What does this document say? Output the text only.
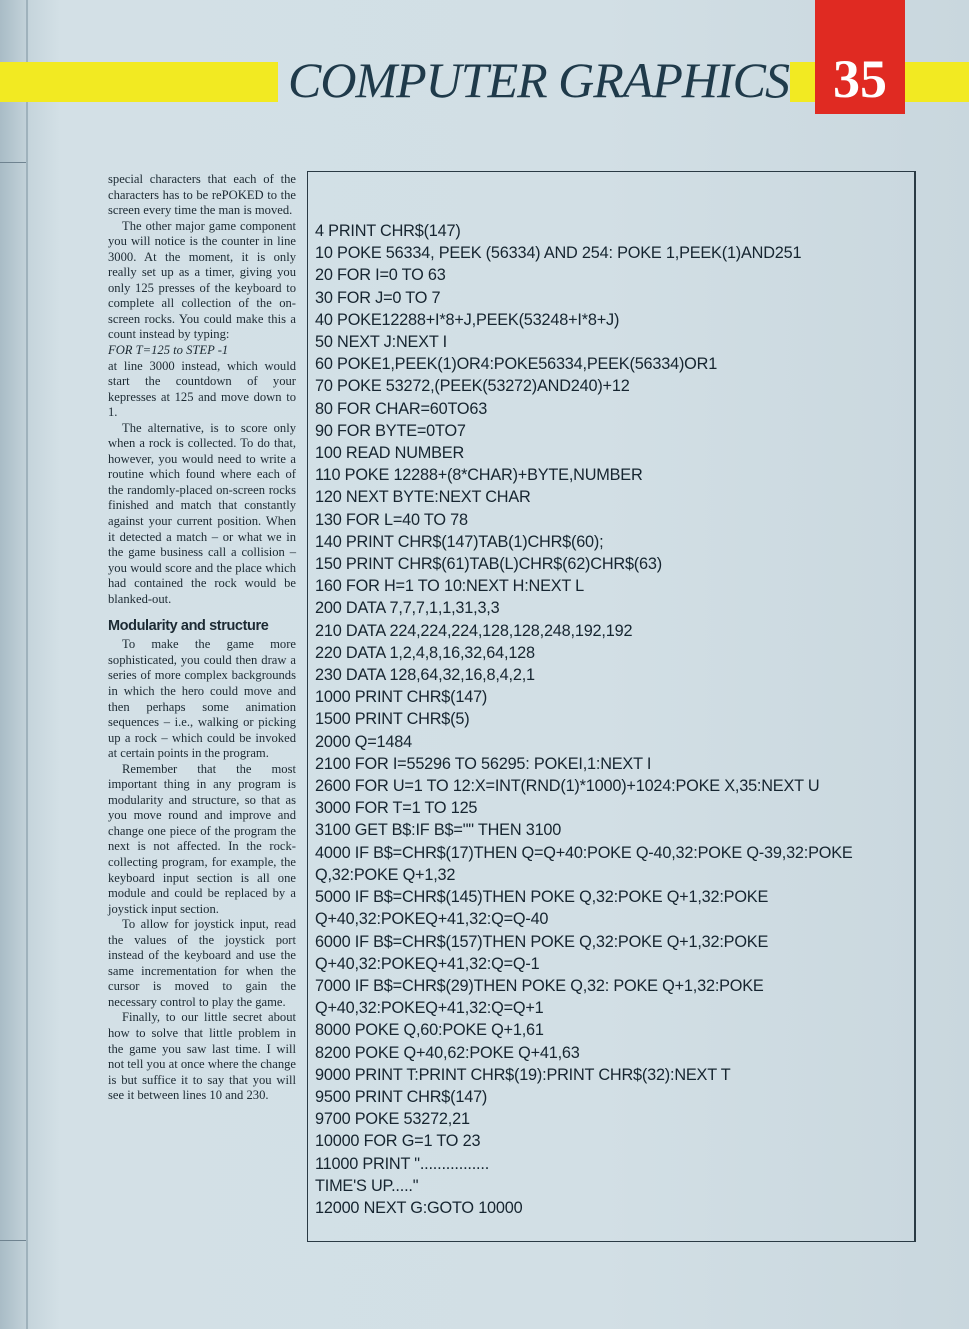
COMPUTER GRAPHICS 35

special characters that each of the characters has to be rePOKED to the screen every time the man is moved.

The other major game component you will notice is the counter in line 3000. At the moment, it is only really set up as a timer, giving you only 125 presses of the keyboard to complete all collection of the on-screen rocks. You could make this a count instead by typing:

FOR T=125 to STEP -1

at line 3000 instead, which would start the countdown of your kepresses at 125 and move down to 1.

The alternative, is to score only when a rock is collected. To do that, however, you would need to write a routine which found where each of the randomly-placed on-screen rocks finished and match that constantly against your current position. When it detected a match – or what we in the game business call a collision – you would score and the place which had contained the rock would be blanked-out.

Modularity and structure

To make the game more sophisticated, you could then draw a series of more complex backgrounds in which the hero could move and then perhaps some animation sequences – i.e., walking or picking up a rock – which could be invoked at certain points in the program.

Remember that the most important thing in any program is modularity and structure, so that as you move round and improve and change one piece of the program the next is not affected. In the rock-collecting program, for example, the keyboard input section is all one module and could be replaced by a joystick input section.

To allow for joystick input, read the values of the joystick port instead of the keyboard and use the same incrementation for when the cursor is moved to gain the necessary control to play the game.

Finally, to our little secret about how to solve that little problem in the game you saw last time. I will not tell you at once where the change is but suffice it to say that you will see it between lines 10 and 230.

4 PRINT CHR$(147)
10 POKE 56334, PEEK (56334) AND 254: POKE 1,PEEK(1)AND251
20 FOR I=0 TO 63
30 FOR J=0 TO 7
40 POKE12288+I*8+J,PEEK(53248+I*8+J)
50 NEXT J:NEXT I
60 POKE1,PEEK(1)OR4:POKE56334,PEEK(56334)OR1
70 POKE 53272,(PEEK(53272)AND240)+12
80 FOR CHAR=60TO63
90 FOR BYTE=0TO7
100 READ NUMBER
110 POKE 12288+(8*CHAR)+BYTE,NUMBER
120 NEXT BYTE:NEXT CHAR
130 FOR L=40 TO 78
140 PRINT CHR$(147)TAB(1)CHR$(60);
150 PRINT CHR$(61)TAB(L)CHR$(62)CHR$(63)
160 FOR H=1 TO 10:NEXT H:NEXT L
200 DATA 7,7,7,1,1,31,3,3
210 DATA 224,224,224,128,128,248,192,192
220 DATA 1,2,4,8,16,32,64,128
230 DATA 128,64,32,16,8,4,2,1
1000 PRINT CHR$(147)
1500 PRINT CHR$(5)
2000 Q=1484
2100 FOR I=55296 TO 56295: POKEI,1:NEXT I
2600 FOR U=1 TO 12:X=INT(RND(1)*1000)+1024:POKE X,35:NEXT U
3000 FOR T=1 TO 125
3100 GET B$:IF B$="" THEN 3100
4000 IF B$=CHR$(17)THEN Q=Q+40:POKE Q-40,32:POKE Q-39,32:POKE Q,32:POKE Q+1,32
5000 IF B$=CHR$(145)THEN POKE Q,32:POKE Q+1,32:POKE Q+40,32:POKEQ+41,32:Q=Q-40
6000 IF B$=CHR$(157)THEN POKE Q,32:POKE Q+1,32:POKE Q+40,32:POKEQ+41,32:Q=Q-1
7000 IF B$=CHR$(29)THEN POKE Q,32: POKE Q+1,32:POKE Q+40,32:POKEQ+41,32:Q=Q+1
8000 POKE Q,60:POKE Q+1,61
8200 POKE Q+40,62:POKE Q+41,63
9000 PRINT T:PRINT CHR$(19):PRINT CHR$(32):NEXT T
9500 PRINT CHR$(147)
9700 POKE 53272,21
10000 FOR G=1 TO 23
11000 PRINT "................ TIME'S UP....."
12000 NEXT G:GOTO 10000
